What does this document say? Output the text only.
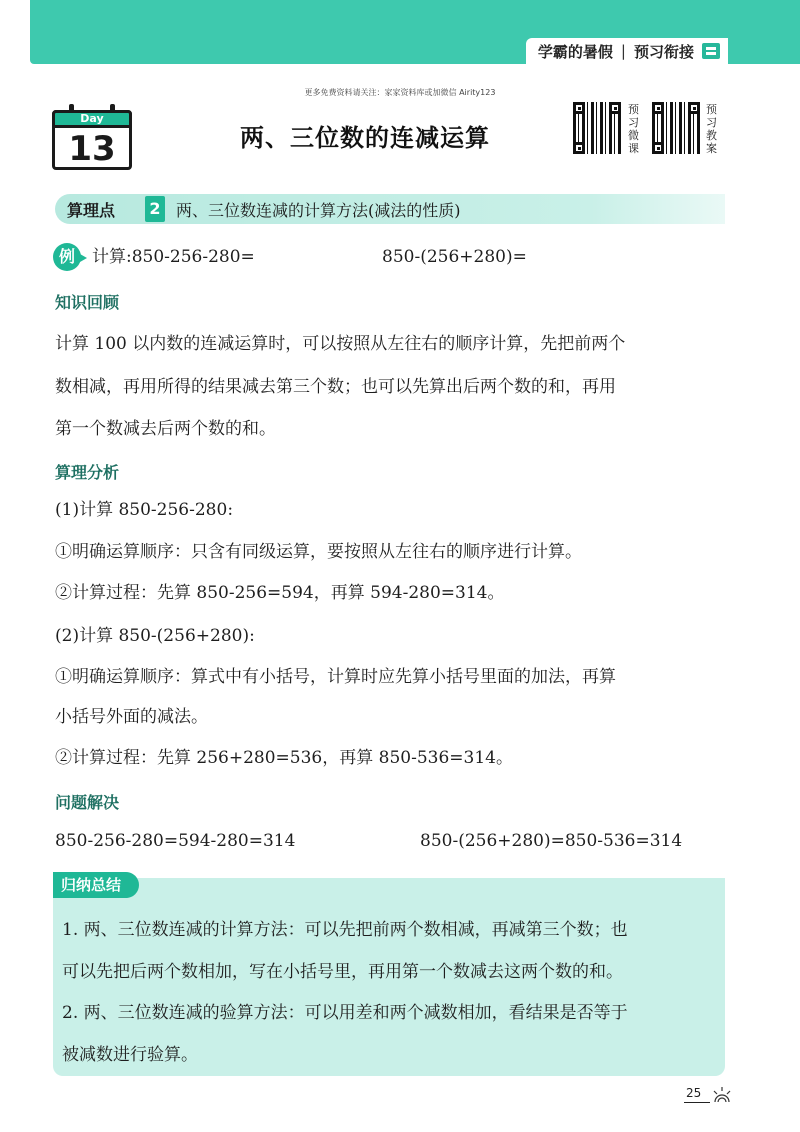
学霸的暑假 | 预习衔接
更多免费资料请关注：家家资料库或加微信 Airity123
Day
13	两、三位数的连减运算
预
习
微
课
预
习
教
案
算理点 2 两、三位数连减的计算方法(减法的性质)
例	计算:850-256-280=	850-(256+280)=
知识回顾
计算 100 以内数的连减运算时，可以按照从左往右的顺序计算，先把前两个
数相减，再用所得的结果减去第三个数；也可以先算出后两个数的和，再用
第一个数减去后两个数的和。
算理分析
(1)计算 850-256-280:
①明确运算顺序：只含有同级运算，要按照从左往右的顺序进行计算。
②计算过程：先算 850-256=594，再算 594-280=314。
(2)计算 850-(256+280):
①明确运算顺序：算式中有小括号，计算时应先算小括号里面的加法，再算
小括号外面的减法。
②计算过程：先算 256+280=536，再算 850-536=314。
问题解决
850-256-280=594-280=314	850-(256+280)=850-536=314
归纳总结
1. 两、三位数连减的计算方法：可以先把前两个数相减，再减第三个数；也
可以先把后两个数相加，写在小括号里，再用第一个数减去这两个数的和。
2. 两、三位数连减的验算方法：可以用差和两个减数相加，看结果是否等于
被减数进行验算。
25
